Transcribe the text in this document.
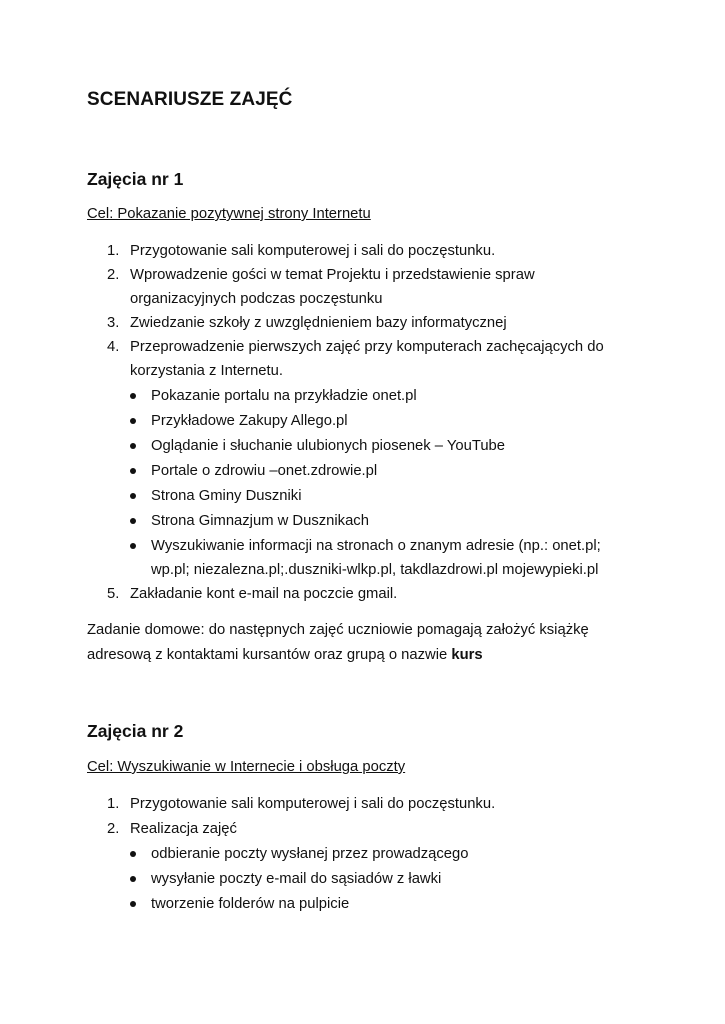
SCENARIUSZE ZAJĘĆ
Zajęcia nr 1

Cel: Pokazanie pozytywnej strony Internetu

1. Przygotowanie sali komputerowej i sali do poczęstunku.

2. Wprowadzenie gości w temat Projektu i przedstawienie spraw

organizacyjnych podczas poczęstunku

3. Zwiedzanie szkoły z uwzględnieniem bazy informatycznej

4. Przeprowadzenie pierwszych zajęć przy komputerach zachęcających do

korzystania z Internetu.

Pokazanie portalu na przykładzie onet.pl

Przykładowe Zakupy Allego.pl

Oglądanie i słuchanie ulubionych piosenek – YouTube

Portale o zdrowiu –onet.zdrowie.pl

Strona Gminy Duszniki

Strona Gimnazjum w Dusznikach

Wyszukiwanie informacji na stronach o znanym adresie (np.: onet.pl;

wp.pl; niezalezna.pl;.duszniki-wlkp.pl, takdlazdrowi.pl mojewypieki.pl

5. Zakładanie kont e-mail na poczcie gmail.

Zadanie domowe: do następnych zajęć uczniowie pomagają założyć książkę

adresową z kontaktami kursantów oraz grupą o nazwie kurs

Zajęcia nr 2

Cel: Wyszukiwanie w Internecie i obsługa poczty

1. Przygotowanie sali komputerowej i sali do poczęstunku.

2. Realizacja zajęć

odbieranie poczty wysłanej przez prowadzącego

wysyłanie poczty e-mail do sąsiadów z ławki

tworzenie folderów na pulpicie
